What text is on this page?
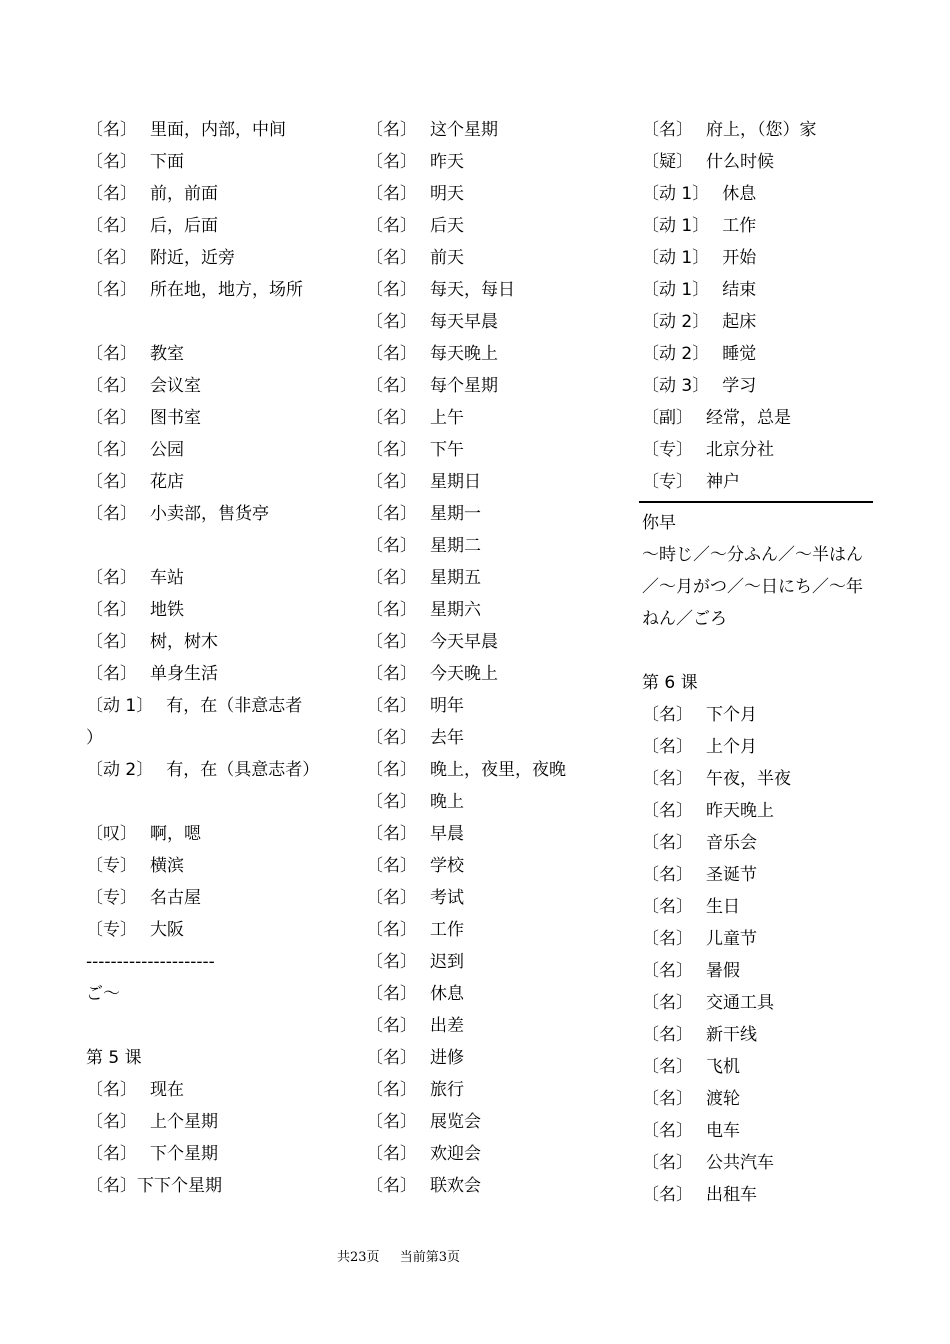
〔名〕 里面，内部，中间
〔名〕 下面
〔名〕 前，前面
〔名〕 后，后面
〔名〕 附近，近旁
〔名〕 所在地，地方，场所
〔名〕 教室
〔名〕 会议室
〔名〕 图书室
〔名〕 公园
〔名〕 花店
〔名〕 小卖部，售货亭
〔名〕 车站
〔名〕 地铁
〔名〕 树，树木
〔名〕 单身生活
〔动 1〕 有，在（非意志者
）
〔动 2〕 有，在（具意志者）
〔叹〕 啊，嗯
〔专〕 横滨
〔专〕 名古屋
〔专〕 大阪
---------------------
ご～
第 5 课
〔名〕 现在
〔名〕 上个星期
〔名〕 下个星期
〔名〕下下个星期
〔名〕 这个星期
〔名〕 昨天
〔名〕 明天
〔名〕 后天
〔名〕 前天
〔名〕 每天，每日
〔名〕 每天早晨
〔名〕 每天晚上
〔名〕 每个星期
〔名〕 上午
〔名〕 下午
〔名〕 星期日
〔名〕 星期一
〔名〕 星期二
〔名〕 星期五
〔名〕 星期六
〔名〕 今天早晨
〔名〕 今天晚上
〔名〕 明年
〔名〕 去年
〔名〕 晚上，夜里，夜晚
〔名〕 晚上
〔名〕 早晨
〔名〕 学校
〔名〕 考试
〔名〕 工作
〔名〕 迟到
〔名〕 休息
〔名〕 出差
〔名〕 进修
〔名〕 旅行
〔名〕 展览会
〔名〕 欢迎会
〔名〕 联欢会
〔名〕 府上，（您）家
〔疑〕 什么时候
〔动 1〕 休息
〔动 1〕 工作
〔动 1〕 开始
〔动 1〕 结束
〔动 2〕 起床
〔动 2〕 睡觉
〔动 3〕 学习
〔副〕 经常，总是
〔专〕 北京分社
〔专〕 神户
你早
～時じ／～分ふん／～半はん
／～月がつ／～日にち／～年
ねん／ごろ
第 6 课
〔名〕 下个月
〔名〕 上个月
〔名〕 午夜，半夜
〔名〕 昨天晚上
〔名〕 音乐会
〔名〕 圣诞节
〔名〕 生日
〔名〕 儿童节
〔名〕 暑假
〔名〕 交通工具
〔名〕 新干线
〔名〕 飞机
〔名〕 渡轮
〔名〕 电车
〔名〕 公共汽车
〔名〕 出租车
共23页 当前第3页
